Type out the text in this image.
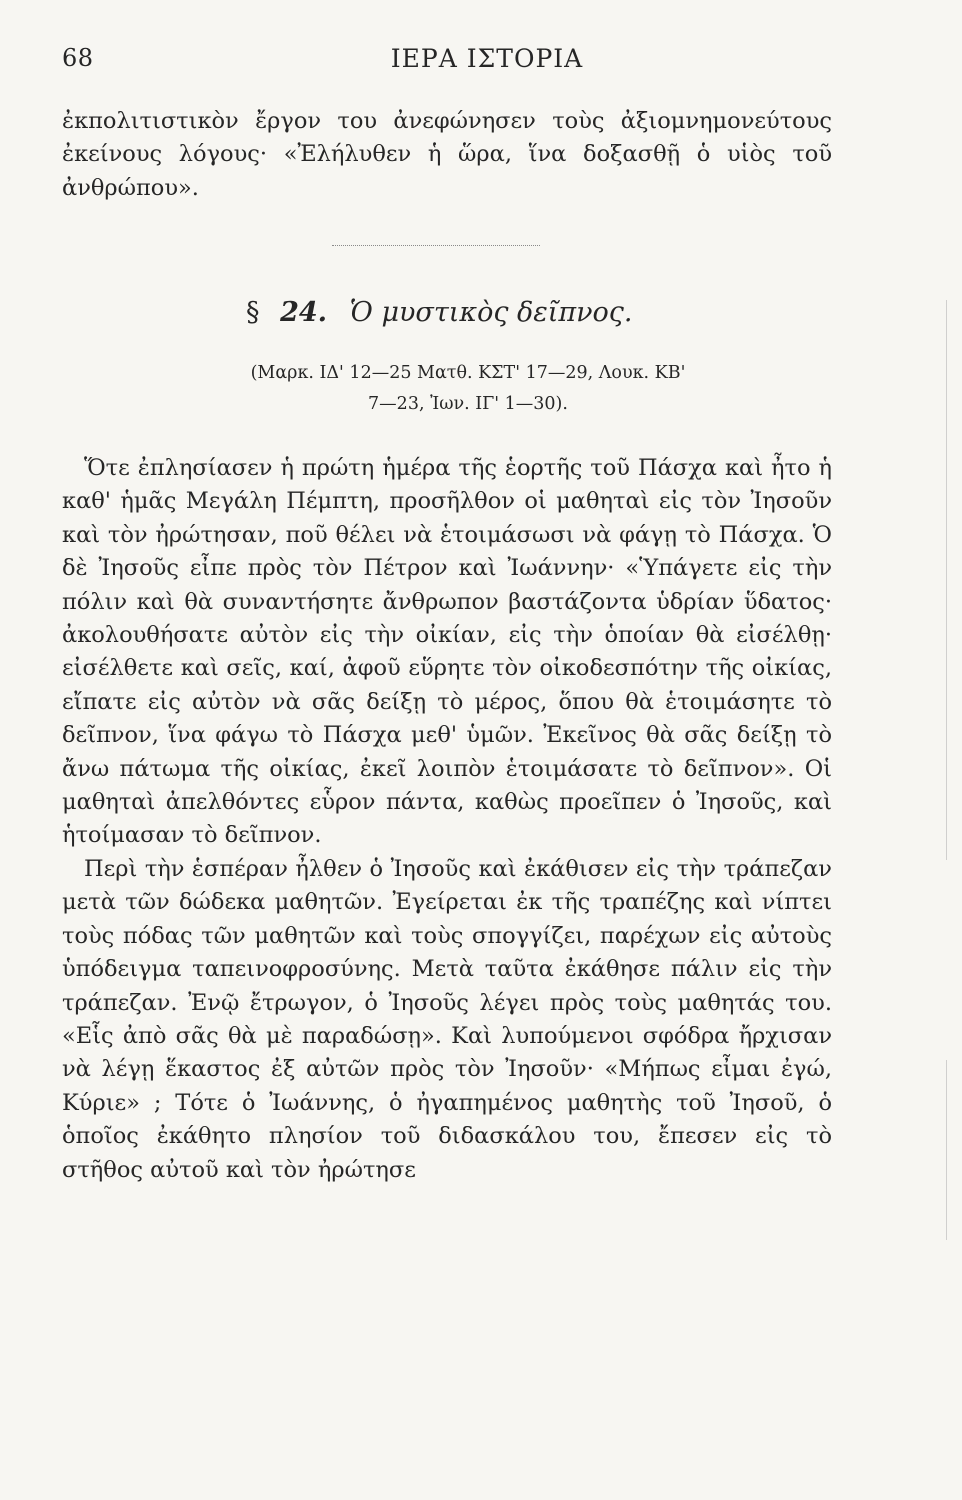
68	ΙΕΡΑ ΙΣΤΟΡΙΑ

ἐκπολιτιστικὸν ἔργον του ἀνεφώνησεν τοὺς ἀξιομνημονεύτους ἐκείνους λόγους· «Ἐλήλυθεν ἡ ὥρα, ἵνα δοξασθῇ ὁ υἱὸς τοῦ ἀνθρώπου».

§ 24. Ὁ μυστικὸς δεῖπνος.
(Μαρκ. ΙΔ' 12—25 Ματθ. ΚΣΤ' 17—29, Λουκ. ΚΒ'
7—23, Ἰων. ΙΓ' 1—30).

Ὅτε ἐπλησίασεν ἡ πρώτη ἡμέρα τῆς ἑορτῆς τοῦ Πάσχα καὶ ἦτο ἡ καθ' ἡμᾶς Μεγάλη Πέμπτη, προσῆλθον οἱ μαθηταὶ εἰς τὸν Ἰησοῦν καὶ τὸν ἠρώτησαν, ποῦ θέλει νὰ ἑτοιμάσωσι νὰ φάγῃ τὸ Πάσχα. Ὁ δὲ Ἰησοῦς εἶπε πρὸς τὸν Πέτρον καὶ Ἰωάννην· «Ὑπάγετε εἰς τὴν πόλιν καὶ θὰ συναντήσητε ἄνθρωπον βαστάζοντα ὑδρίαν ὕδατος· ἀκολουθήσατε αὐτὸν εἰς τὴν οἰκίαν, εἰς τὴν ὁποίαν θὰ εἰσέλθῃ· εἰσέλθετε καὶ σεῖς, καί, ἀφοῦ εὕρητε τὸν οἰκοδεσπότην τῆς οἰκίας, εἴπατε εἰς αὐτὸν νὰ σᾶς δείξῃ τὸ μέρος, ὅπου θὰ ἑτοιμάσητε τὸ δεῖπνον, ἵνα φάγω τὸ Πάσχα μεθ' ὑμῶν. Ἐκεῖνος θὰ σᾶς δείξῃ τὸ ἄνω πάτωμα τῆς οἰκίας, ἐκεῖ λοιπὸν ἑτοιμάσατε τὸ δεῖπνον». Οἱ μαθηταὶ ἀπελθόντες εὗρον πάντα, καθὼς προεῖπεν ὁ Ἰησοῦς, καὶ ἡτοίμασαν τὸ δεῖπνον.

Περὶ τὴν ἑσπέραν ἦλθεν ὁ Ἰησοῦς καὶ ἐκάθισεν εἰς τὴν τράπεζαν μετὰ τῶν δώδεκα μαθητῶν. Ἐγείρεται ἐκ τῆς τραπέζης καὶ νίπτει τοὺς πόδας τῶν μαθητῶν καὶ τοὺς σπογγίζει, παρέχων εἰς αὐτοὺς ὑπόδειγμα ταπεινοφροσύνης. Μετὰ ταῦτα ἐκάθησε πάλιν εἰς τὴν τράπεζαν. Ἐνῷ ἔτρωγον, ὁ Ἰησοῦς λέγει πρὸς τοὺς μαθητάς του. «Εἷς ἀπὸ σᾶς θὰ μὲ παραδώσῃ». Καὶ λυπούμενοι σφόδρα ἤρχισαν νὰ λέγῃ ἕκαστος ἐξ αὐτῶν πρὸς τὸν Ἰησοῦν· «Μήπως εἶμαι ἐγώ, Κύριε» ; Τότε ὁ Ἰωάννης, ὁ ἠγαπημένος μαθητὴς τοῦ Ἰησοῦ, ὁ ὁποῖος ἐκάθητο πλησίον τοῦ διδασκάλου του, ἔπεσεν εἰς τὸ στῆθος αὐτοῦ καὶ τὸν ἠρώτησε
